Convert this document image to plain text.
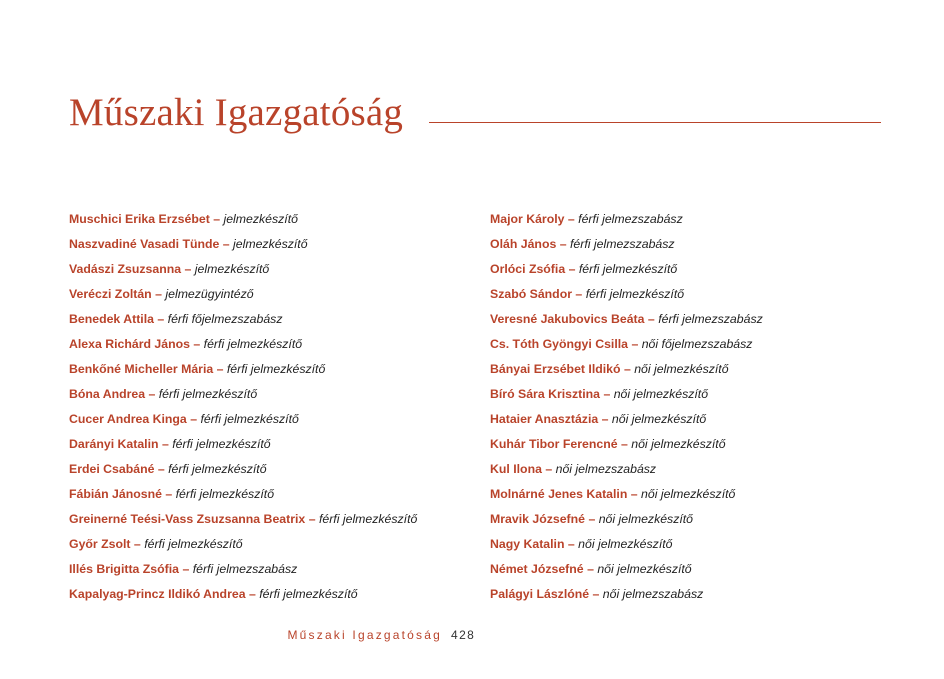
Műszaki Igazgatóság
Muschici Erika Erzsébet – jelmezkészítő
Naszvadiné Vasadi Tünde – jelmezkészítő
Vadászi Zsuzsanna – jelmezkészítő
Veréczi Zoltán – jelmezügyintéző
Benedek Attila – férfi főjelmezszabász
Alexa Richárd János – férfi jelmezkészítő
Benkőné Micheller Mária – férfi jelmezkészítő
Bóna Andrea – férfi jelmezkészítő
Cucer Andrea Kinga – férfi jelmezkészítő
Darányi Katalin – férfi jelmezkészítő
Erdei Csabáné – férfi jelmezkészítő
Fábián Jánosné – férfi jelmezkészítő
Greinerné Teési-Vass Zsuzsanna Beatrix – férfi jelmezkészítő
Győr Zsolt – férfi jelmezkészítő
Illés Brigitta Zsófia – férfi jelmezszabász
Kapalyag-Princz Ildikó Andrea – férfi jelmezkészítő
Major Károly – férfi jelmezszabász
Oláh János – férfi jelmezszabász
Orlóci Zsófia – férfi jelmezkészítő
Szabó Sándor – férfi jelmezkészítő
Veresné Jakubovics Beáta – férfi jelmezszabász
Cs. Tóth Gyöngyi Csilla – női főjelmezszabász
Bányai Erzsébet Ildikó – női jelmezkészítő
Bíró Sára Krisztina – női jelmezkészítő
Hataier Anasztázia – női jelmezkészítő
Kuhár Tibor Ferencné – női jelmezkészítő
Kul Ilona – női jelmezszabász
Molnárné Jenes Katalin – női jelmezkészítő
Mravik Józsefné – női jelmezkészítő
Nagy Katalin – női jelmezkészítő
Német Józsefné – női jelmezkészítő
Palágyi Lászlóné – női jelmezszabász
Műszaki Igazgatóság 428
